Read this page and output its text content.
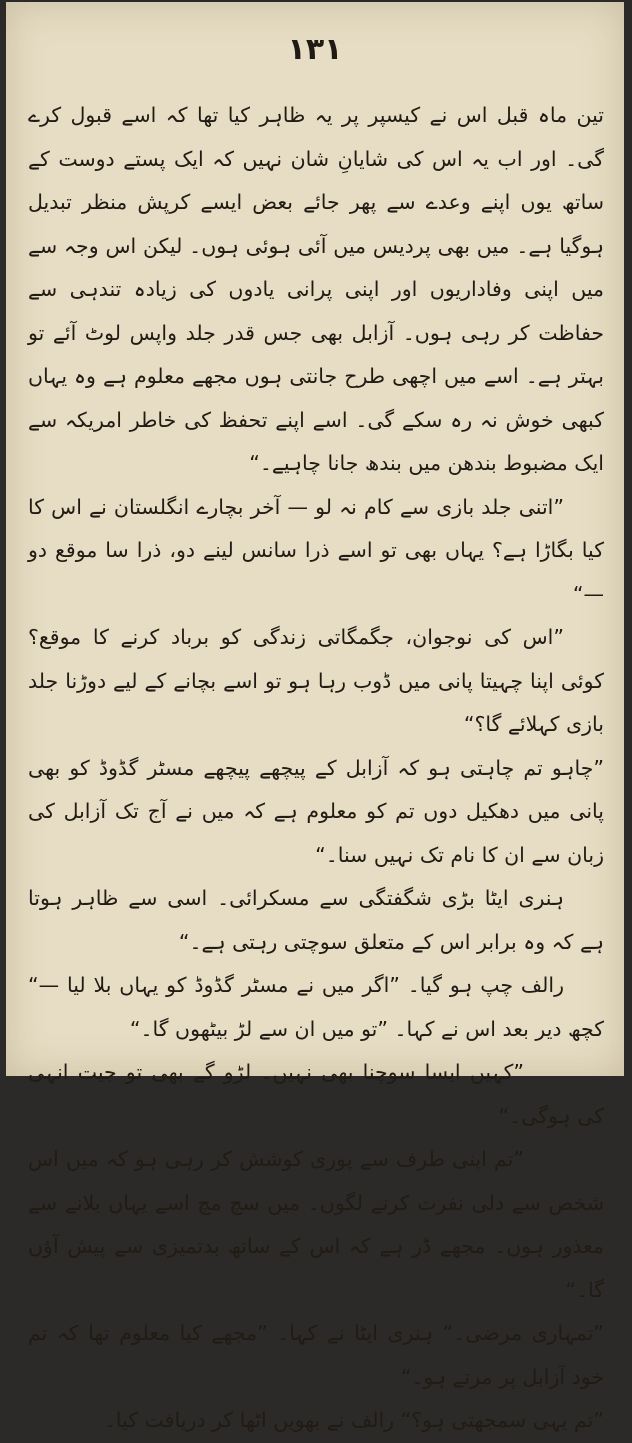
١٣١

تین ماہ قبل اس نے کیسپر پر یہ ظاہر کیا تھا کہ اسے قبول کرے گی۔ اور اب یہ اس کی شایانِ شان نہیں کہ ایک پستے دوست کے ساتھ یوں اپنے وعدے سے پھر جائے بعض ایسے کرپش منظر تبدیل ہوگیا ہے۔ میں بھی پردیس میں آئی ہوئی ہوں۔ لیکن اس وجہ سے میں اپنی وفاداریوں اور اپنی پرانی یادوں کی زیادہ تندہی سے حفاظت کر رہی ہوں۔ آزابل بھی جس قدر جلد واپس لوٹ آئے تو بہتر ہے۔ اسے میں اچھی طرح جانتی ہوں مجھے معلوم ہے وہ یہاں کبھی خوش نہ رہ سکے گی۔ اسے اپنے تحفظ کی خاطر امریکہ سے ایک مضبوط بندھن میں بندھ جانا چاہیے۔“

”اتنی جلد بازی سے کام نہ لو — آخر بچارے انگلستان نے اس کا کیا بگاڑا ہے؟ یہاں بھی تو اسے ذرا سانس لینے دو، ذرا سا موقع دو —“

”اس کی نوجوان، جگمگاتی زندگی کو برباد کرنے کا موقع؟ کوئی اپنا چہیتا پانی میں ڈوب رہا ہو تو اسے بچانے کے لیے دوڑنا جلد بازی کہلائے گا؟“

”چاہو تم چاہتی ہو کہ آزابل کے پیچھے پیچھے مسٹر گڈوڈ کو بھی پانی میں دھکیل دوں تم کو معلوم ہے کہ میں نے آج تک آزابل کی زبان سے ان کا نام تک نہیں سنا۔“

ہنری ایٹا بڑی شگفتگی سے مسکرائی۔ اسی سے ظاہر ہوتا ہے کہ وہ برابر اس کے متعلق سوچتی رہتی ہے۔“

رالف چپ ہو گیا۔ ”اگر میں نے مسٹر گڈوڈ کو یہاں بلا لیا —“ کچھ دیر بعد اس نے کہا۔ ”تو میں ان سے لڑ بیٹھوں گا۔“

”کہیں ایسا سوچنا بھی نہیں۔ لڑو گے بھی تو جیت انہی کی ہوگی۔“

”تم اپنی طرف سے پوری کوشش کر رہی ہو کہ میں اس شخص سے دلی نفرت کرنے لگوں۔ میں سچ مچ اسے یہاں بلانے سے معذور ہوں۔ مجھے ڈر ہے کہ اس کے ساتھ بدتمیزی سے پیش آؤں گا۔“

”تمہاری مرضی۔“ ہنری ایٹا نے کہا۔ ”مجھے کیا معلوم تھا کہ تم خود آزابل پر مرتے ہو۔“

”تم یہی سمجھتی ہو؟“ رالف نے بھویں اٹھا کر دریافت کیا۔
